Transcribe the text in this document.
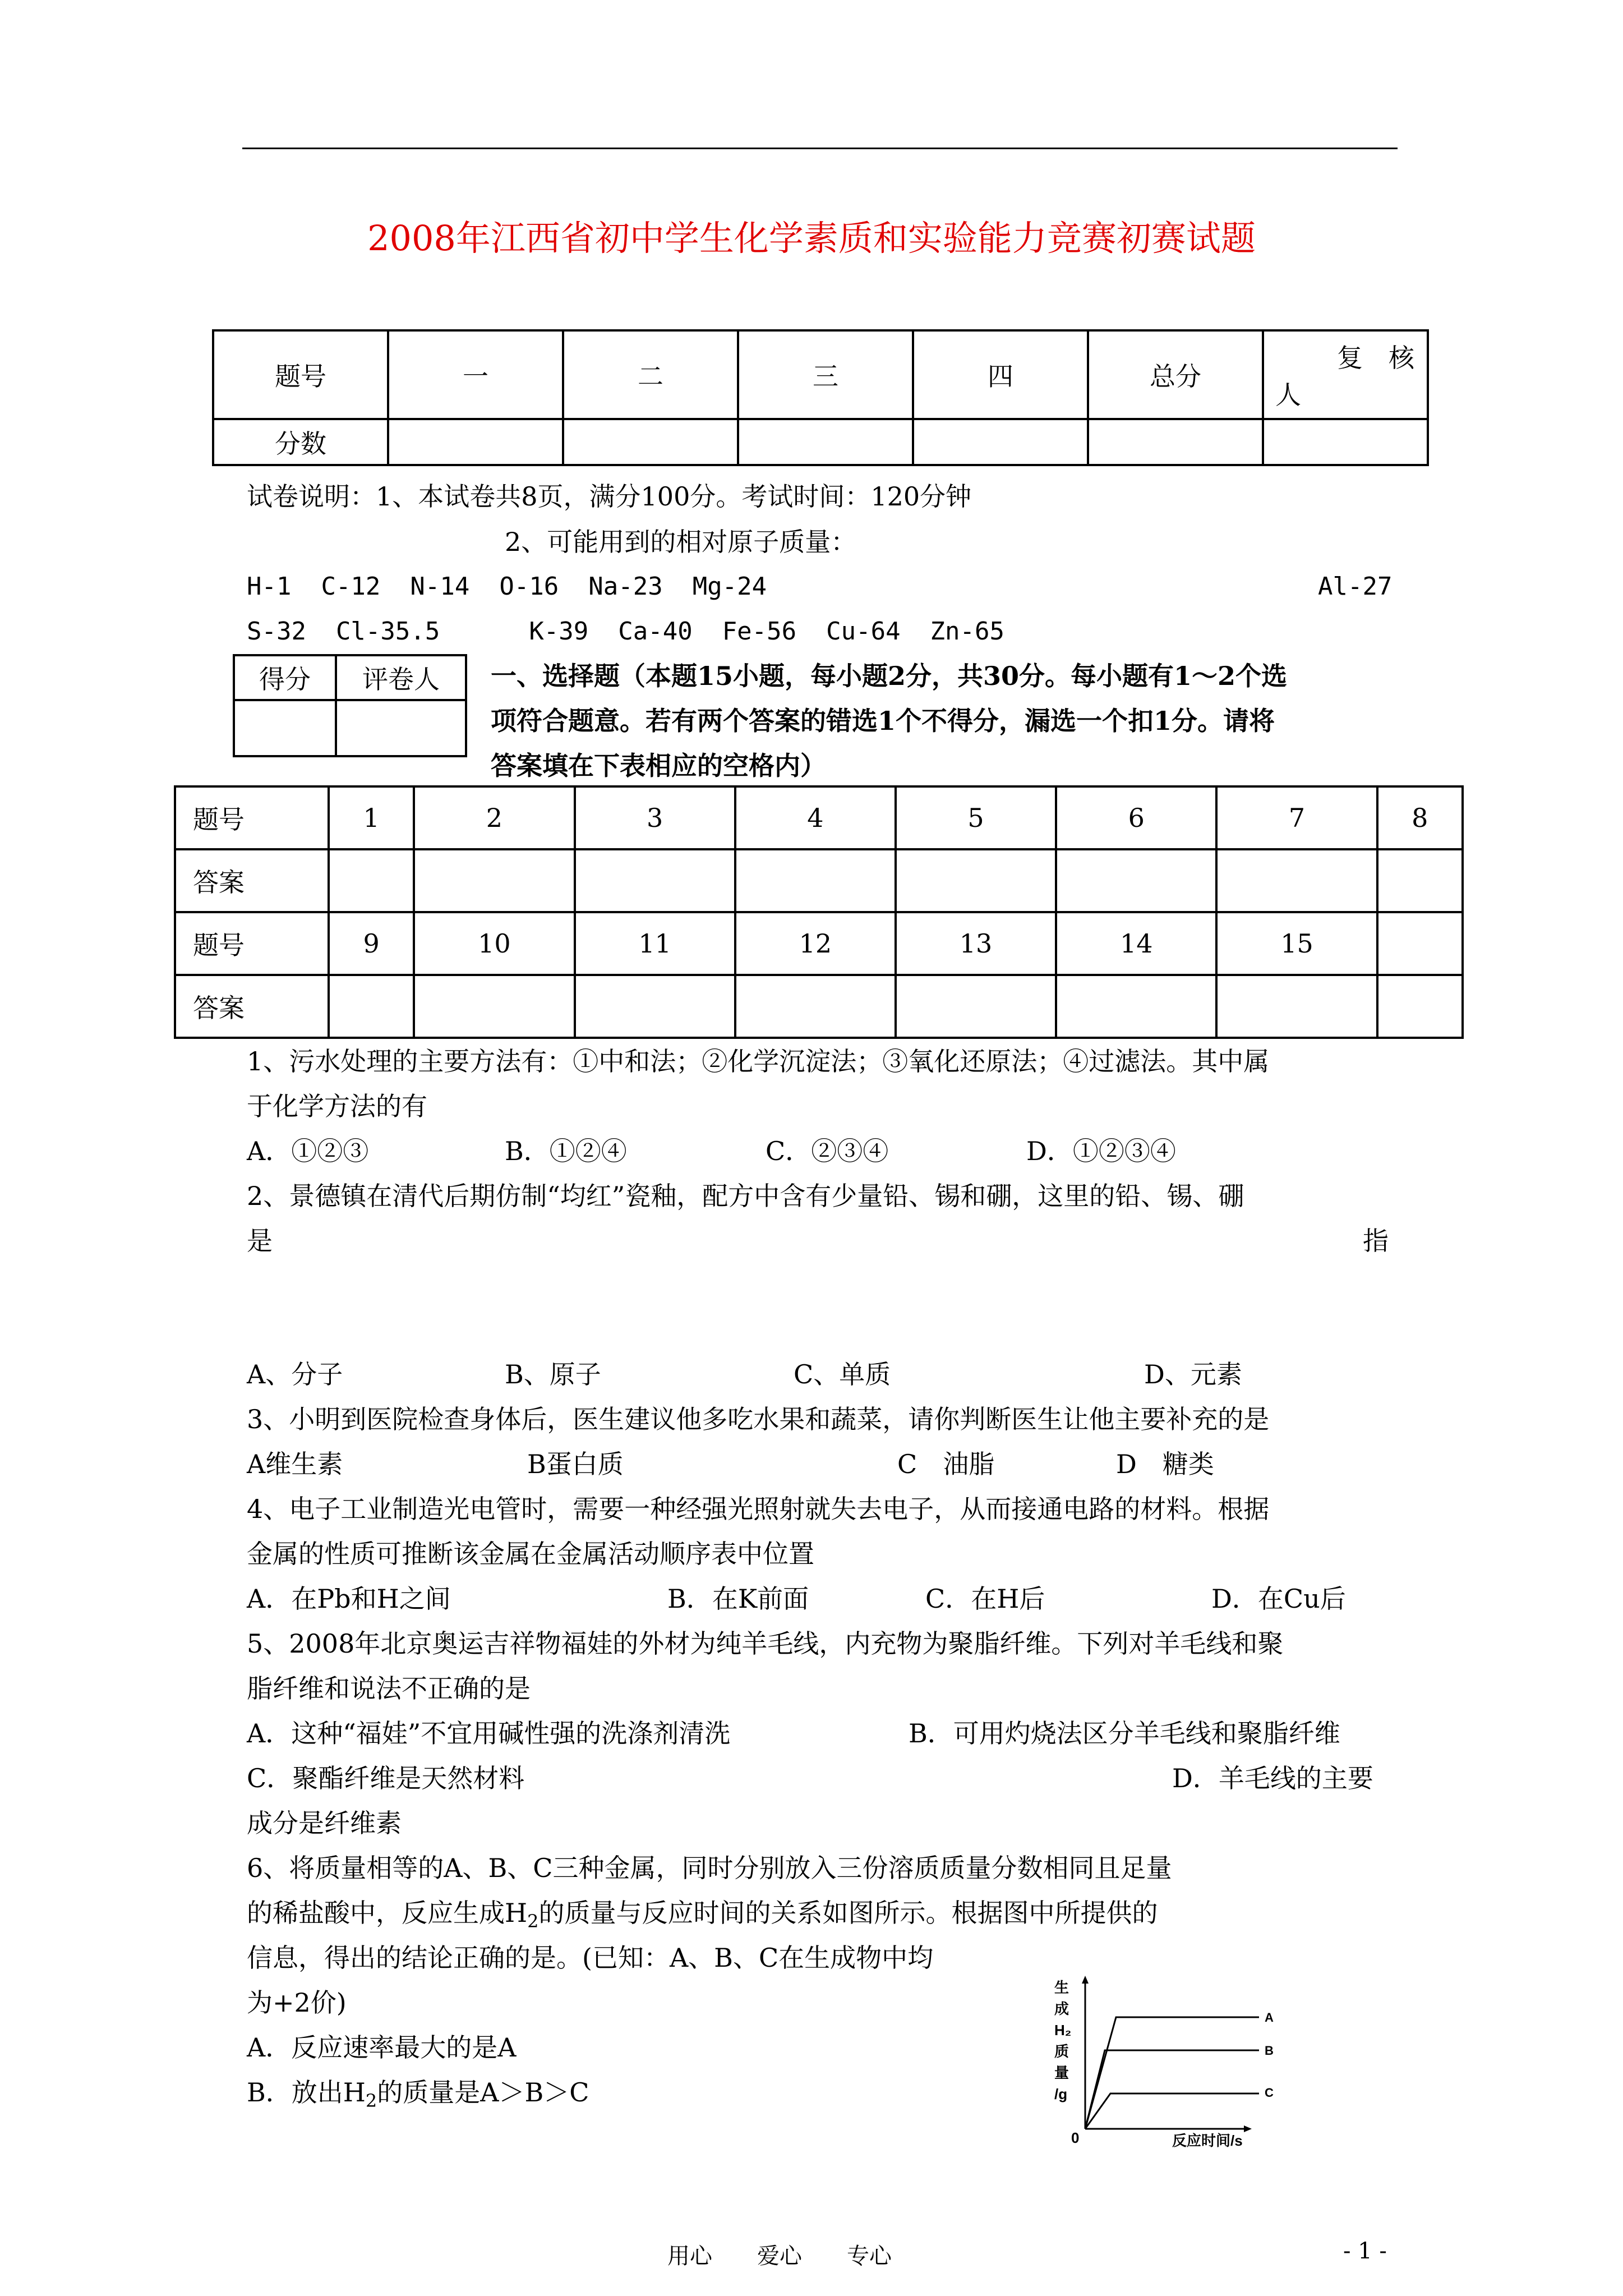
2008年江西省初中学生化学素质和实验能力竞赛初赛试题
题号	一	二	三	四	总分	复　核
人

分数						
试卷说明：1、本试卷共8页，满分100分。考试时间：120分钟
2、可能用到的相对原子质量：
H-1  C-12  N-14  O-16  Na-23  Mg-24	Al-27
S-32  Cl-35.5      K-39  Ca-40  Fe-56  Cu-64  Zn-65
得分	评卷人
	一、选择题（本题15小题，每小题2分，共30分。每小题有1～2个选
项符合题意。若有两个答案的错选1个不得分，漏选一个扣1分。请将
答案填在下表相应的空格内）
题号	1	2	3	4	5	6	7	8
答案								
题号	9	10	11	12	13	14	15	
答案								
1、污水处理的主要方法有：①中和法；②化学沉淀法；③氧化还原法；④过滤法。其中属
于化学方法的有
A．①②③	B．①②④	C．②③④	D．①②③④
2、景德镇在清代后期仿制“均红”瓷釉，配方中含有少量铅、锡和硼，这里的铅、锡、硼
是	指
A、分子	B、原子	C、单质	D、元素
3、小明到医院检查身体后，医生建议他多吃水果和蔬菜，请你判断医生让他主要补充的是
A维生素	B蛋白质	C　油脂	D　糖类
4、电子工业制造光电管时，需要一种经强光照射就失去电子，从而接通电路的材料。根据
金属的性质可推断该金属在金属活动顺序表中位置
A．在Pb和H之间	B．在K前面	C．在H后	D．在Cu后
5、2008年北京奥运吉祥物福娃的外材为纯羊毛线，内充物为聚脂纤维。下列对羊毛线和聚
脂纤维和说法不正确的是
A．这种“福娃”不宜用碱性强的洗涤剂清洗	B．可用灼烧法区分羊毛线和聚脂纤维
C．聚酯纤维是天然材料	D．羊毛线的主要
成分是纤维素
6、将质量相等的A、B、C三种金属，同时分别放入三份溶质质量分数相同且足量
的稀盐酸中，反应生成$H_2$的质量与反应时间的关系如图所示。根据图中所提供的
信息，得出的结论正确的是。(已知：A、B、C在生成物中均
为+2价)
A．反应速率最大的是A
B．放出$H_2$的质量是A＞B＞C
生
成
H₂
质
量
/g
0	反应时间/s
A
B
C
用心　　爱心　　专心	- 1 -
